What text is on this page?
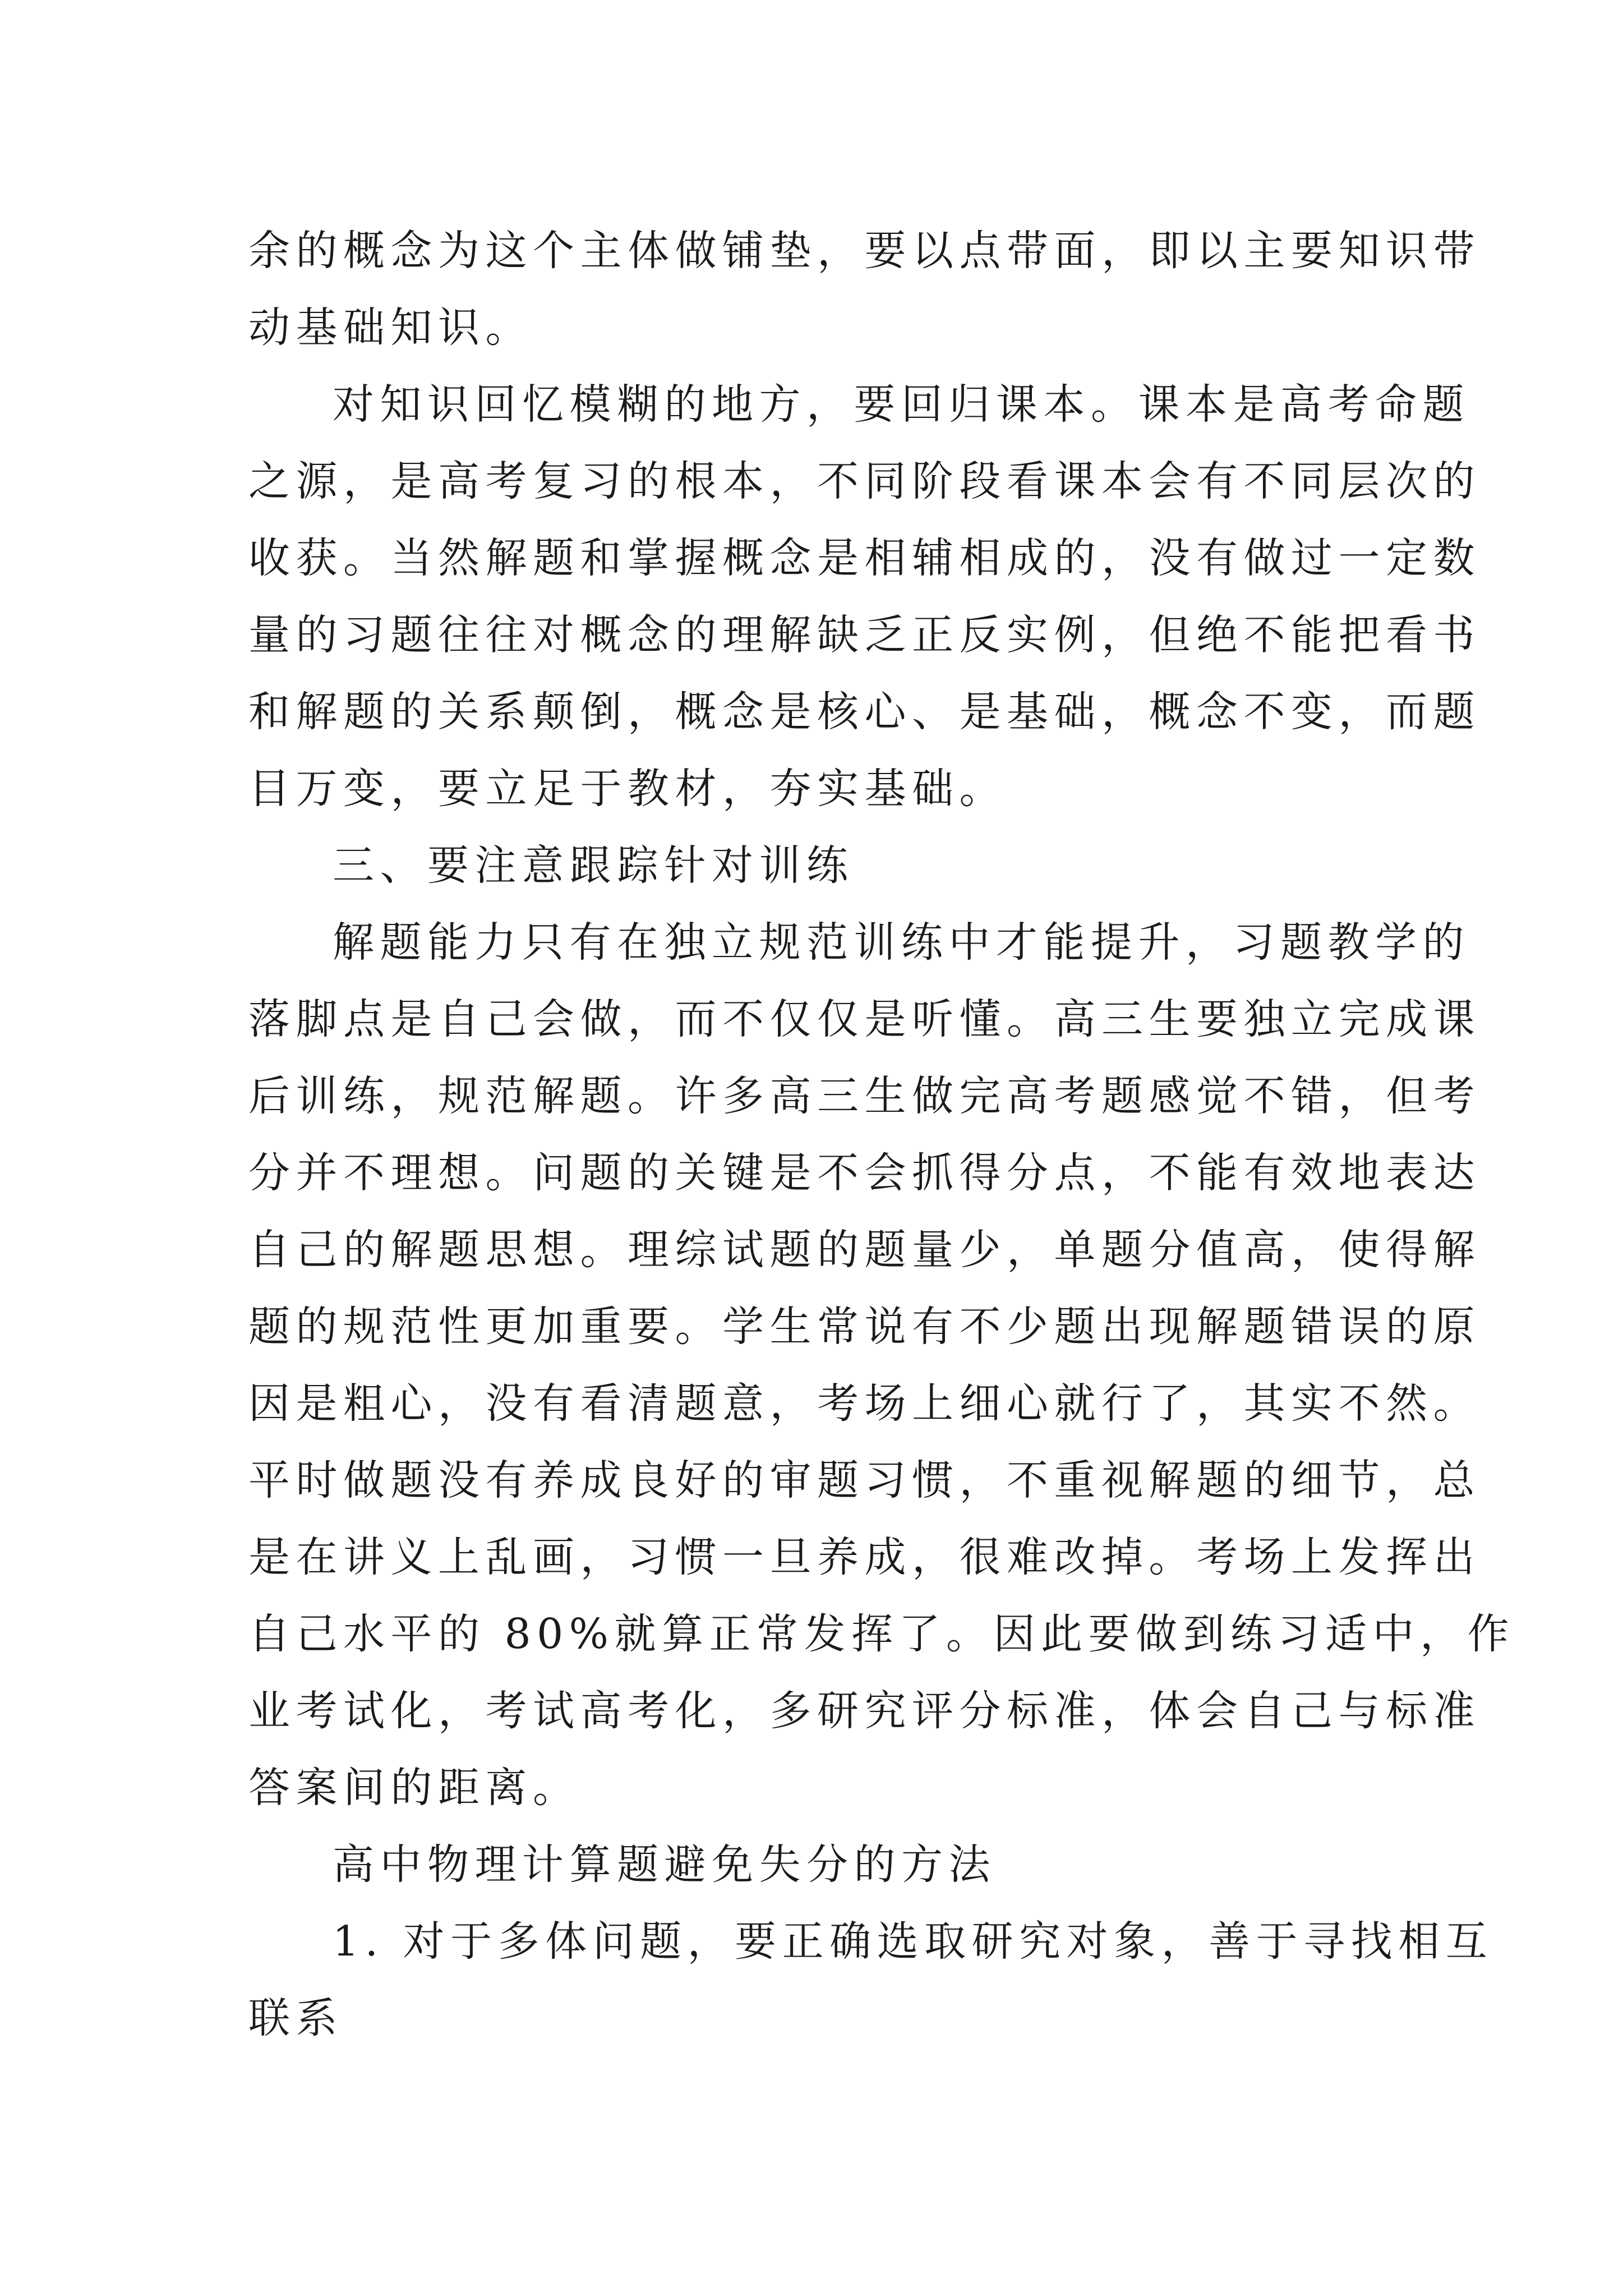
余的概念为这个主体做铺垫，要以点带面，即以主要知识带
动基础知识。
对知识回忆模糊的地方，要回归课本。课本是高考命题
之源，是高考复习的根本，不同阶段看课本会有不同层次的
收获。当然解题和掌握概念是相辅相成的，没有做过一定数
量的习题往往对概念的理解缺乏正反实例，但绝不能把看书
和解题的关系颠倒，概念是核心、是基础，概念不变，而题
目万变，要立足于教材，夯实基础。
三、要注意跟踪针对训练
解题能力只有在独立规范训练中才能提升，习题教学的
落脚点是自己会做，而不仅仅是听懂。高三生要独立完成课
后训练，规范解题。许多高三生做完高考题感觉不错，但考
分并不理想。问题的关键是不会抓得分点，不能有效地表达
自己的解题思想。理综试题的题量少，单题分值高，使得解
题的规范性更加重要。学生常说有不少题出现解题错误的原
因是粗心，没有看清题意，考场上细心就行了，其实不然。
平时做题没有养成良好的审题习惯，不重视解题的细节，总
是在讲义上乱画，习惯一旦养成，很难改掉。考场上发挥出
自己水平的 80%就算正常发挥了。因此要做到练习适中，作
业考试化，考试高考化，多研究评分标准，体会自己与标准
答案间的距离。
高中物理计算题避免失分的方法
1. 对于多体问题，要正确选取研究对象，善于寻找相互
联系
